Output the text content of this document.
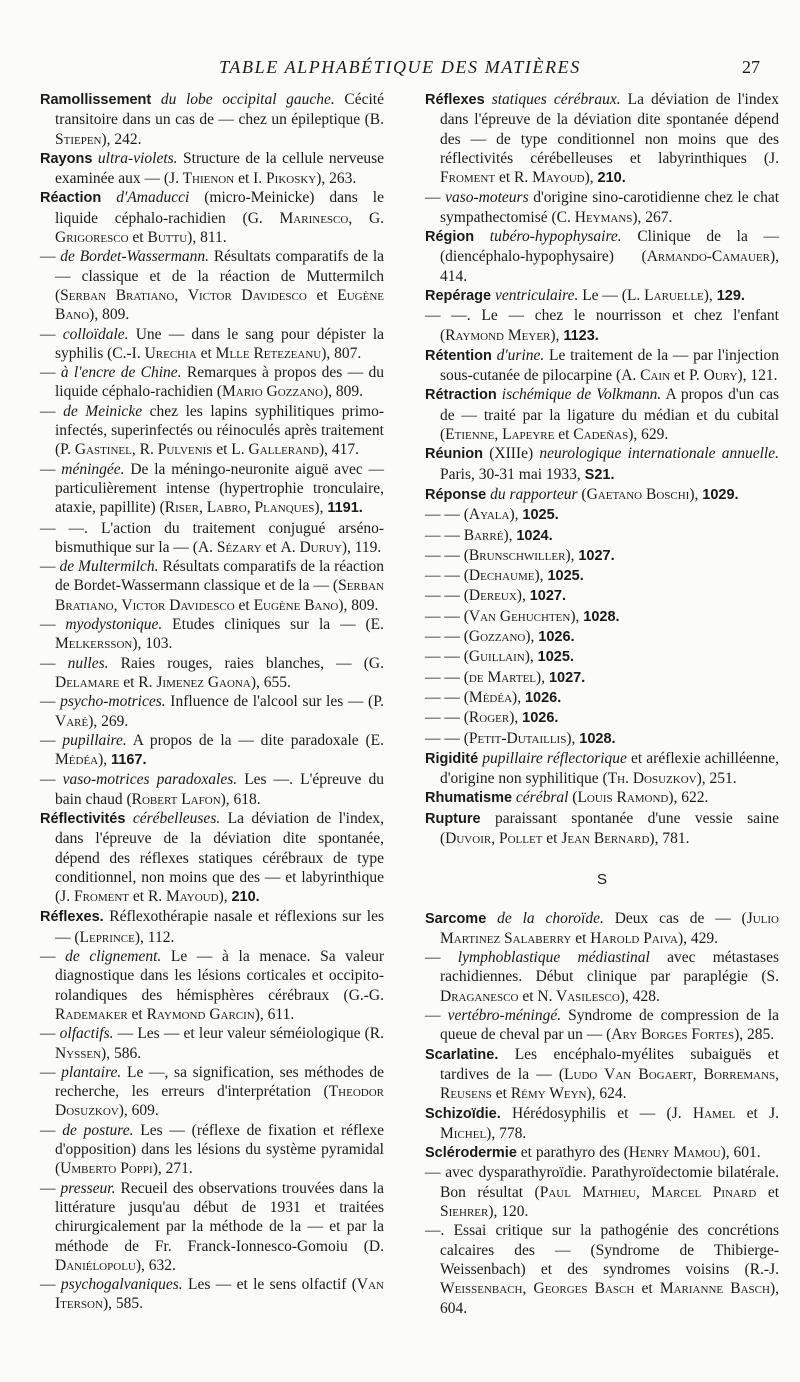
TABLE ALPHABÉTIQUE DES MATIÈRES	27

Ramollissement du lobe occipital gauche. Cécité transitoire dans un cas de — chez un épileptique (B. Stiepen), 242.

Rayons ultra-violets. Structure de la cellule nerveuse examinée aux — (J. Thienon et I. Pikosky), 263.

Réaction d'Amaducci (micro-Meinicke) dans le liquide céphalo-rachidien (G. Marinesco, G. Grigoresco et Buttu), 811.

— de Bordet-Wassermann. Résultats comparatifs de la — classique et de la réaction de Muttermilch (Serban Bratiano, Victor Davidesco et Eugène Bano), 809.

— colloïdale. Une — dans le sang pour dépister la syphilis (C.-I. Urechia et Mlle Retezeanu), 807.

— à l'encre de Chine. Remarques à propos des — du liquide céphalo-rachidien (Mario Gozzano), 809.

— de Meinicke chez les lapins syphilitiques primo-infectés, superinfectés ou réinoculés après traitement (P. Gastinel, R. Pulvenis et L. Gallerand), 417.

— méningée. De la méningo-neuronite aiguë avec — particulièrement intense (hypertrophie tronculaire, ataxie, papillite) (Riser, Labro, Planques), 1191.

— —. L'action du traitement conjugué arséno-bismuthique sur la — (A. Sézary et A. Duruy), 119.

— de Multermilch. Résultats comparatifs de la réaction de Bordet-Wassermann classique et de la — (Serban Bratiano, Victor Davidesco et Eugène Bano), 809.

— myodystonique. Etudes cliniques sur la — (E. Melkersson), 103.

— nulles. Raies rouges, raies blanches, — (G. Delamare et R. Jimenez Gaona), 655.

— psycho-motrices. Influence de l'alcool sur les — (P. Varé), 269.

— pupillaire. A propos de la — dite paradoxale (E. Médéa), 1167.

— vaso-motrices paradoxales. Les —. L'épreuve du bain chaud (Robert Lafon), 618.

Réflectivités cérébelleuses. La déviation de l'index, dans l'épreuve de la déviation dite spontanée, dépend des réflexes statiques cérébraux de type conditionnel, non moins que des — et labyrinthique (J. Froment et R. Mayoud), 210.

Réflexes. Réflexothérapie nasale et réflexions sur les — (Leprince), 112.

— de clignement. Le — à la menace. Sa valeur diagnostique dans les lésions corticales et occipito-rolandiques des hémisphères cérébraux (G.-G. Rademaker et Raymond Garcin), 611.

— olfactifs. — Les — et leur valeur séméiologique (R. Nyssen), 586.

— plantaire. Le —, sa signification, ses méthodes de recherche, les erreurs d'interprétation (Theodor Dosuzkov), 609.

— de posture. Les — (réflexe de fixation et réflexe d'opposition) dans les lésions du système pyramidal (Umberto Poppi), 271.

— presseur. Recueil des observations trouvées dans la littérature jusqu'au début de 1931 et traitées chirurgicalement par la méthode de la — et par la méthode de Fr. Franck-Ionnesco-Gomoiu (D. Daniélopolu), 632.

— psychogalvaniques. Les — et le sens olfactif (Van Iterson), 585.

Réflexes statiques cérébraux. La déviation de l'index dans l'épreuve de la déviation dite spontanée dépend des — de type conditionnel non moins que des réflectivités cérébelleuses et labyrinthiques (J. Froment et R. Mayoud), 210.

— vaso-moteurs d'origine sino-carotidienne chez le chat sympathectomisé (C. Heymans), 267.

Région tubéro-hypophysaire. Clinique de la — (diencéphalo-hypophysaire) (Armando-Camauer), 414.

Repérage ventriculaire. Le — (L. Laruelle), 129.

— —. Le — chez le nourrisson et chez l'enfant (Raymond Meyer), 1123.

Rétention d'urine. Le traitement de la — par l'injection sous-cutanée de pilocarpine (A. Cain et P. Oury), 121.

Rétraction ischémique de Volkmann. A propos d'un cas de — traité par la ligature du médian et du cubital (Etienne, Lapeyre et Cadeñas), 629.

Réunion (XIIIe) neurologique internationale annuelle. Paris, 30-31 mai 1933, S21.

Réponse du rapporteur (Gaetano Boschi), 1029.

— — (Ayala), 1025.

— — Barré), 1024.

— — (Brunschwiller), 1027.

— — (Dechaume), 1025.

— — (Dereux), 1027.

— — (Van Gehuchten), 1028.

— — (Gozzano), 1026.

— — (Guillain), 1025.

— — (de Martel), 1027.

— — (Médéa), 1026.

— — (Roger), 1026.

— — (Petit-Dutaillis), 1028.

Rigidité pupillaire réflectorique et aréflexie achilléenne, d'origine non syphilitique (Th. Dosuzkov), 251.

Rhumatisme cérébral (Louis Ramond), 622.

Rupture paraissant spontanée d'une vessie saine (Duvoir, Pollet et Jean Bernard), 781.

S

Sarcome de la choroïde. Deux cas de — (Julio Martinez Salaberry et Harold Paiva), 429.

— lymphoblastique médiastinal avec métastases rachidiennes. Début clinique par paraplégie (S. Draganesco et N. Vasilesco), 428.

— vertébro-méningé. Syndrome de compression de la queue de cheval par un — (Ary Borges Fortes), 285.

Scarlatine. Les encéphalo-myélites subaiguës et tardives de la — (Ludo Van Bogaert, Borremans, Reusens et Rémy Weyn), 624.

Schizoïdie. Hérédosyphilis et — (J. Hamel et J. Michel), 778.

Sclérodermie et parathyro des (Henry Mamou), 601.

— avec dysparathyroïdie. Parathyroïdectomie bilatérale. Bon résultat (Paul Mathieu, Marcel Pinard et Siehrer), 120.

—. Essai critique sur la pathogénie des concrétions calcaires des — (Syndrome de Thibierge-Weissenbach) et des syndromes voisins (R.-J. Weissenbach, Georges Basch et Marianne Basch), 604.
